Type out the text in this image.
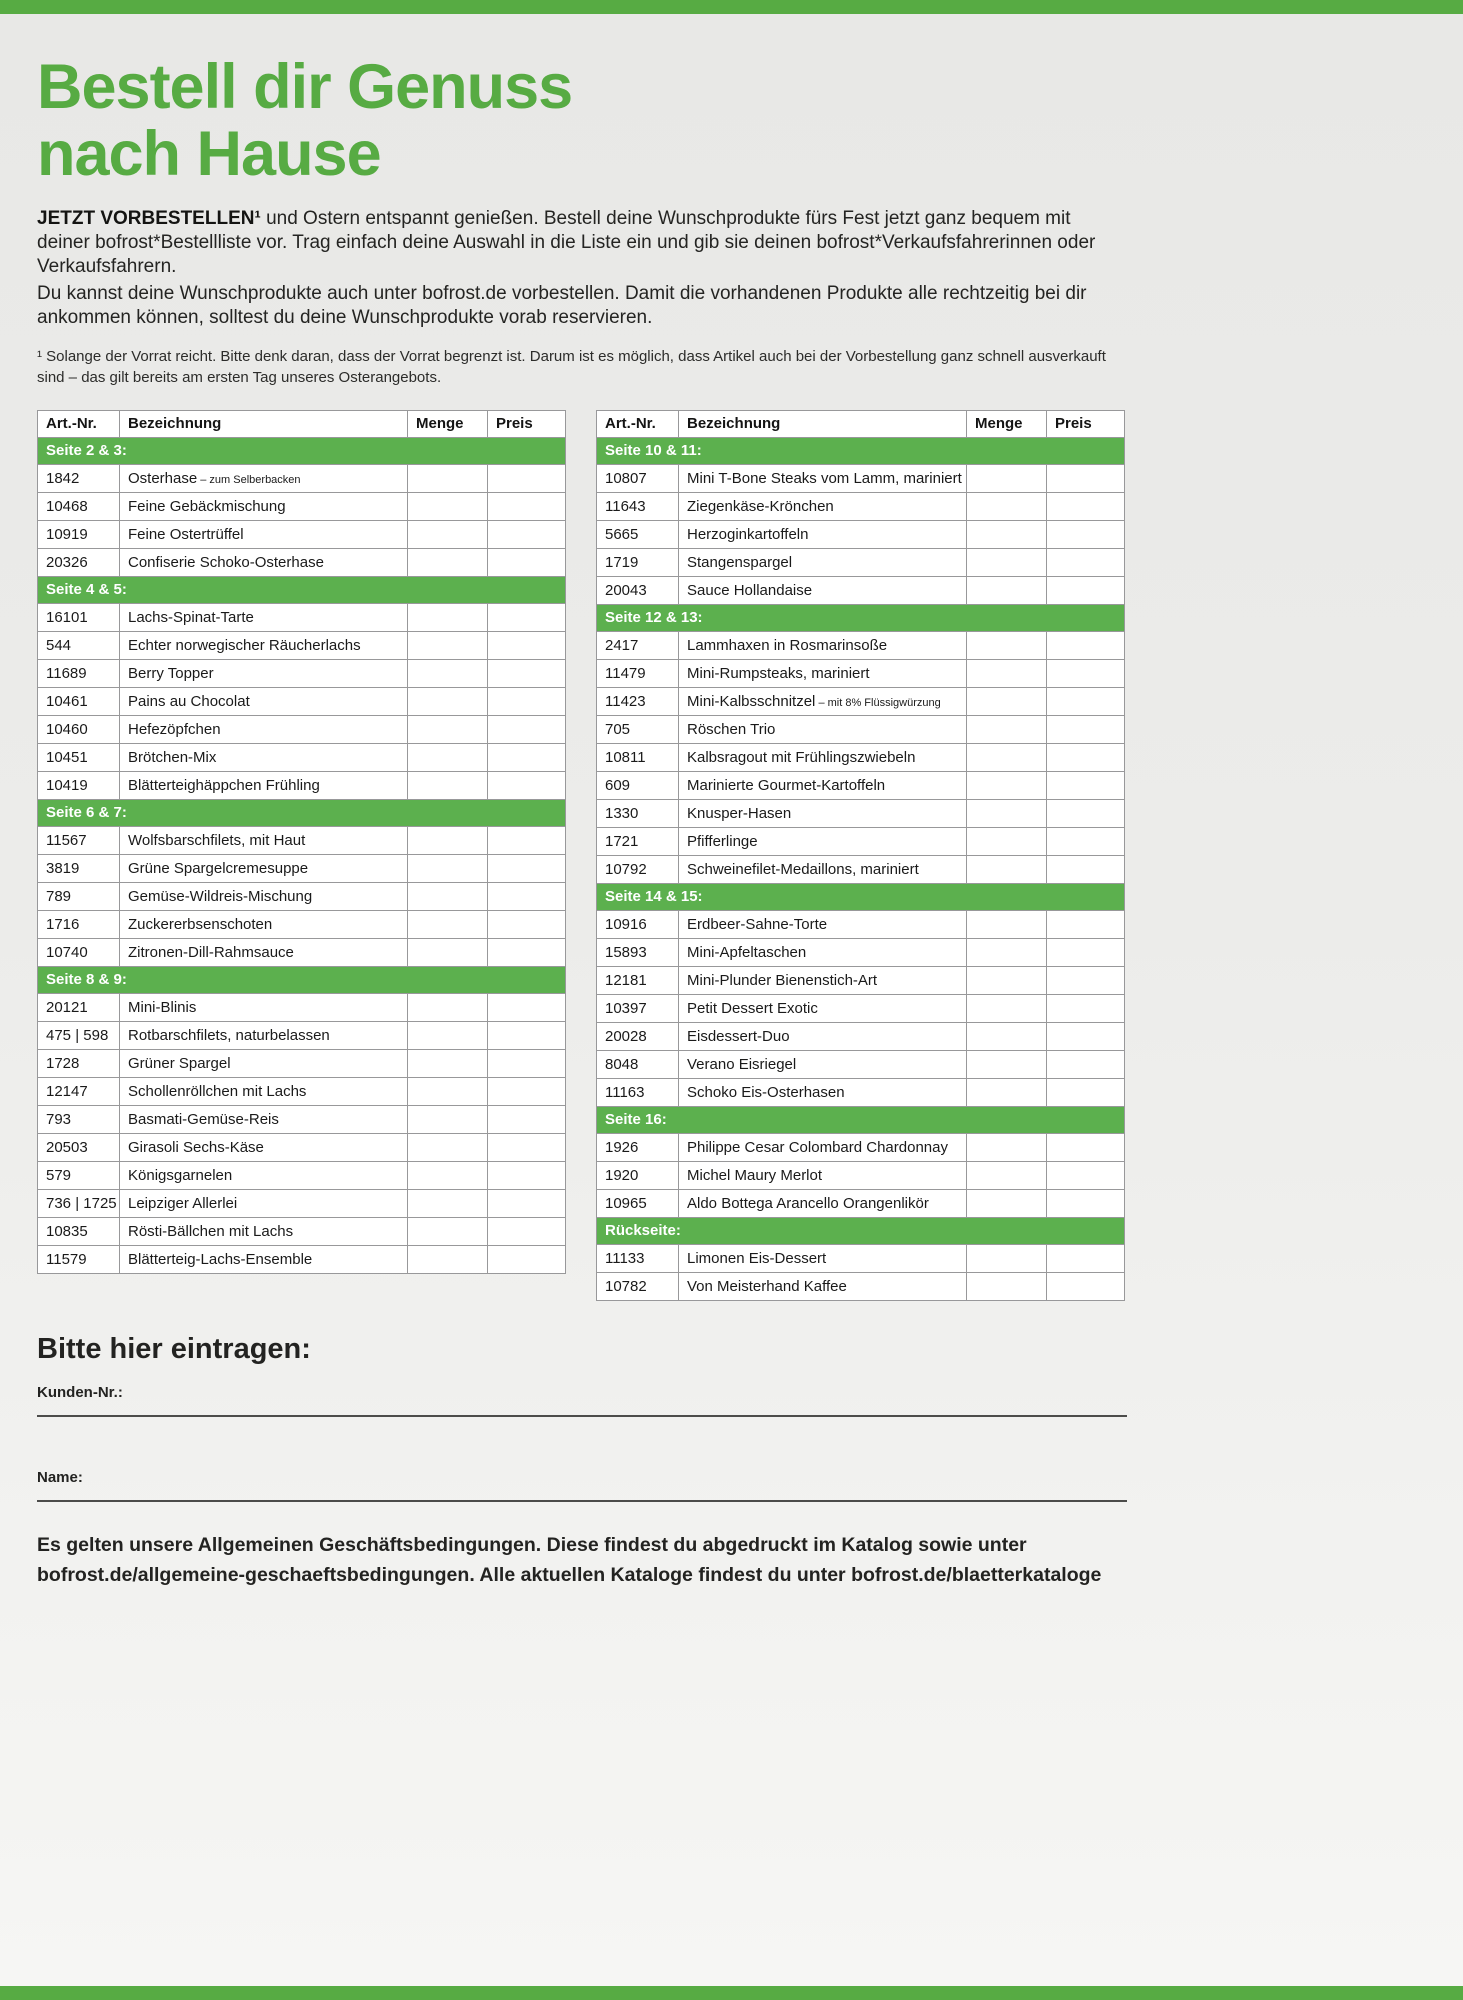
Bestell dir Genuss
nach Hause

JETZT VORBESTELLEN¹ und Ostern entspannt genießen. Bestell deine Wunschprodukte fürs Fest jetzt ganz bequem mit deiner bofrost*Bestellliste vor. Trag einfach deine Auswahl in die Liste ein und gib sie deinen bofrost*Verkaufsfahrerinnen oder Verkaufsfahrern.

Du kannst deine Wunschprodukte auch unter bofrost.de vorbestellen. Damit die vorhandenen Produkte alle rechtzeitig bei dir ankommen können, solltest du deine Wunschprodukte vorab reservieren.

¹ Solange der Vorrat reicht. Bitte denk daran, dass der Vorrat begrenzt ist. Darum ist es möglich, dass Artikel auch bei der Vorbestellung ganz schnell ausverkauft sind – das gilt bereits am ersten Tag unseres Osterangebots.

Art.-Nr.	Bezeichnung	Menge	Preis
Seite 2 & 3:			
1842	Osterhase – zum Selberbacken		
10468	Feine Gebäckmischung		
10919	Feine Ostertrüffel		
20326	Confiserie Schoko-Osterhase		
Seite 4 & 5:			
16101	Lachs-Spinat-Tarte		
544	Echter norwegischer Räucherlachs		
11689	Berry Topper		
10461	Pains au Chocolat		
10460	Hefezöpfchen		
10451	Brötchen-Mix		
10419	Blätterteighäppchen Frühling		
Seite 6 & 7:			
11567	Wolfsbarschfilets, mit Haut		
3819	Grüne Spargelcremesuppe		
789	Gemüse-Wildreis-Mischung		
1716	Zuckererbsenschoten		
10740	Zitronen-Dill-Rahmsauce		
Seite 8 & 9:			
20121	Mini-Blinis		
475 | 598	Rotbarschfilets, naturbelassen		
1728	Grüner Spargel		
12147	Schollenröllchen mit Lachs		
793	Basmati-Gemüse-Reis		
20503	Girasoli Sechs-Käse		
579	Königsgarnelen		
736 | 1725	Leipziger Allerlei		
10835	Rösti-Bällchen mit Lachs		
11579	Blätterteig-Lachs-Ensemble		
Art.-Nr.	Bezeichnung	Menge	Preis
Seite 10 & 11:			
10807	Mini T-Bone Steaks vom Lamm, mariniert		
11643	Ziegenkäse-Krönchen		
5665	Herzoginkartoffeln		
1719	Stangenspargel		
20043	Sauce Hollandaise		
Seite 12 & 13:			
2417	Lammhaxen in Rosmarinsoße		
11479	Mini-Rumpsteaks, mariniert		
11423	Mini-Kalbsschnitzel – mit 8% Flüssigwürzung		
705	Röschen Trio		
10811	Kalbsragout mit Frühlingszwiebeln		
609	Marinierte Gourmet-Kartoffeln		
1330	Knusper-Hasen		
1721	Pfifferlinge		
10792	Schweinefilet-Medaillons, mariniert		
Seite 14 & 15:			
10916	Erdbeer-Sahne-Torte		
15893	Mini-Apfeltaschen		
12181	Mini-Plunder Bienenstich-Art		
10397	Petit Dessert Exotic		
20028	Eisdessert-Duo		
8048	Verano Eisriegel		
11163	Schoko Eis-Osterhasen		
Seite 16:			
1926	Philippe Cesar Colombard Chardonnay		
1920	Michel Maury Merlot		
10965	Aldo Bottega Arancello Orangenlikör		
Rückseite:			
11133	Limonen Eis-Dessert		
10782	Von Meisterhand Kaffee		
Bitte hier eintragen:
Kunden-Nr.:
Name:

Es gelten unsere Allgemeinen Geschäftsbedingungen. Diese findest du abgedruckt im Katalog sowie unter bofrost.de/allgemeine-geschaeftsbedingungen. Alle aktuellen Kataloge findest du unter bofrost.de/blaetterkataloge
